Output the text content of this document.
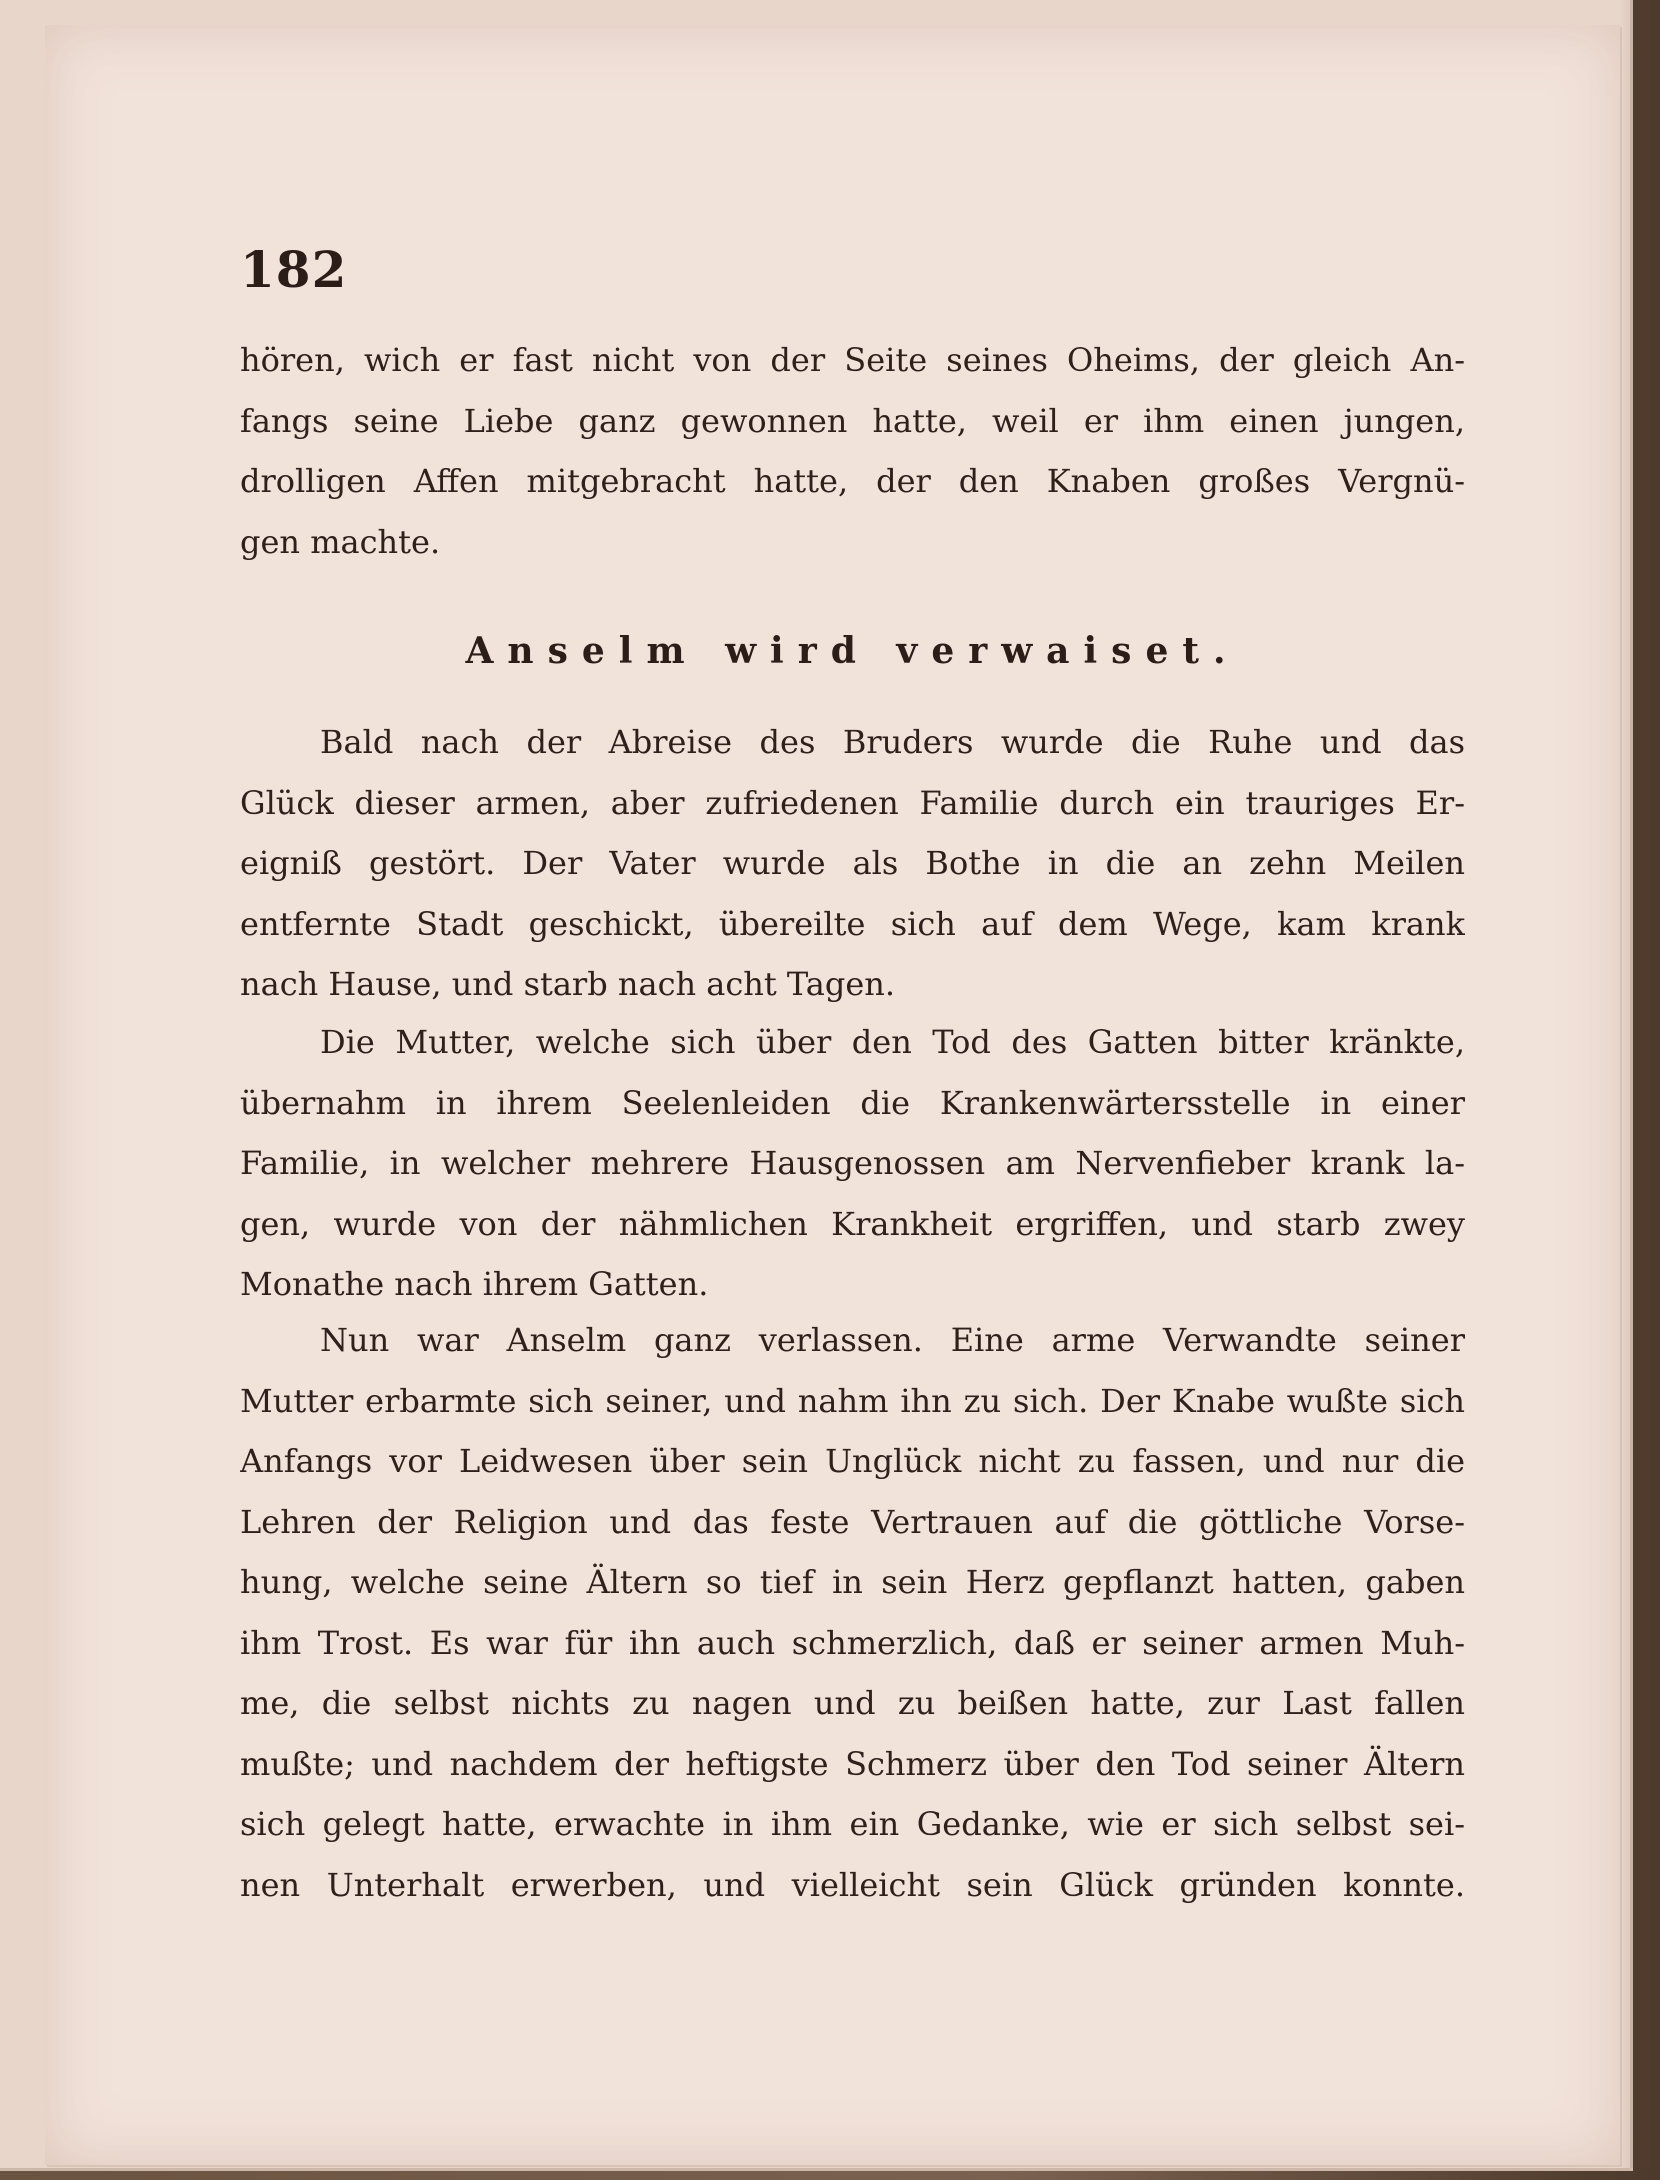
182
hören, wich er fast nicht von der Seite seines Oheims, der gleich An-
fangs seine Liebe ganz gewonnen hatte, weil er ihm einen jungen,
drolligen Affen mitgebracht hatte, der den Knaben großes Vergnü-
gen machte.
Anselm wird verwaiset.
Bald nach der Abreise des Bruders wurde die Ruhe und das
Glück dieser armen, aber zufriedenen Familie durch ein trauriges Er-
eigniß gestört. Der Vater wurde als Bothe in die an zehn Meilen
entfernte Stadt geschickt, übereilte sich auf dem Wege, kam krank
nach Hause, und starb nach acht Tagen.
Die Mutter, welche sich über den Tod des Gatten bitter kränkte,
übernahm in ihrem Seelenleiden die Krankenwärtersstelle in einer
Familie, in welcher mehrere Hausgenossen am Nervenfieber krank la-
gen, wurde von der nähmlichen Krankheit ergriffen, und starb zwey
Monathe nach ihrem Gatten.
Nun war Anselm ganz verlassen. Eine arme Verwandte seiner
Mutter erbarmte sich seiner, und nahm ihn zu sich. Der Knabe wußte sich
Anfangs vor Leidwesen über sein Unglück nicht zu fassen, und nur die
Lehren der Religion und das feste Vertrauen auf die göttliche Vorse-
hung, welche seine Ältern so tief in sein Herz gepflanzt hatten, gaben
ihm Trost. Es war für ihn auch schmerzlich, daß er seiner armen Muh-
me, die selbst nichts zu nagen und zu beißen hatte, zur Last fallen
mußte; und nachdem der heftigste Schmerz über den Tod seiner Ältern
sich gelegt hatte, erwachte in ihm ein Gedanke, wie er sich selbst sei-
nen Unterhalt erwerben, und vielleicht sein Glück gründen konnte.
